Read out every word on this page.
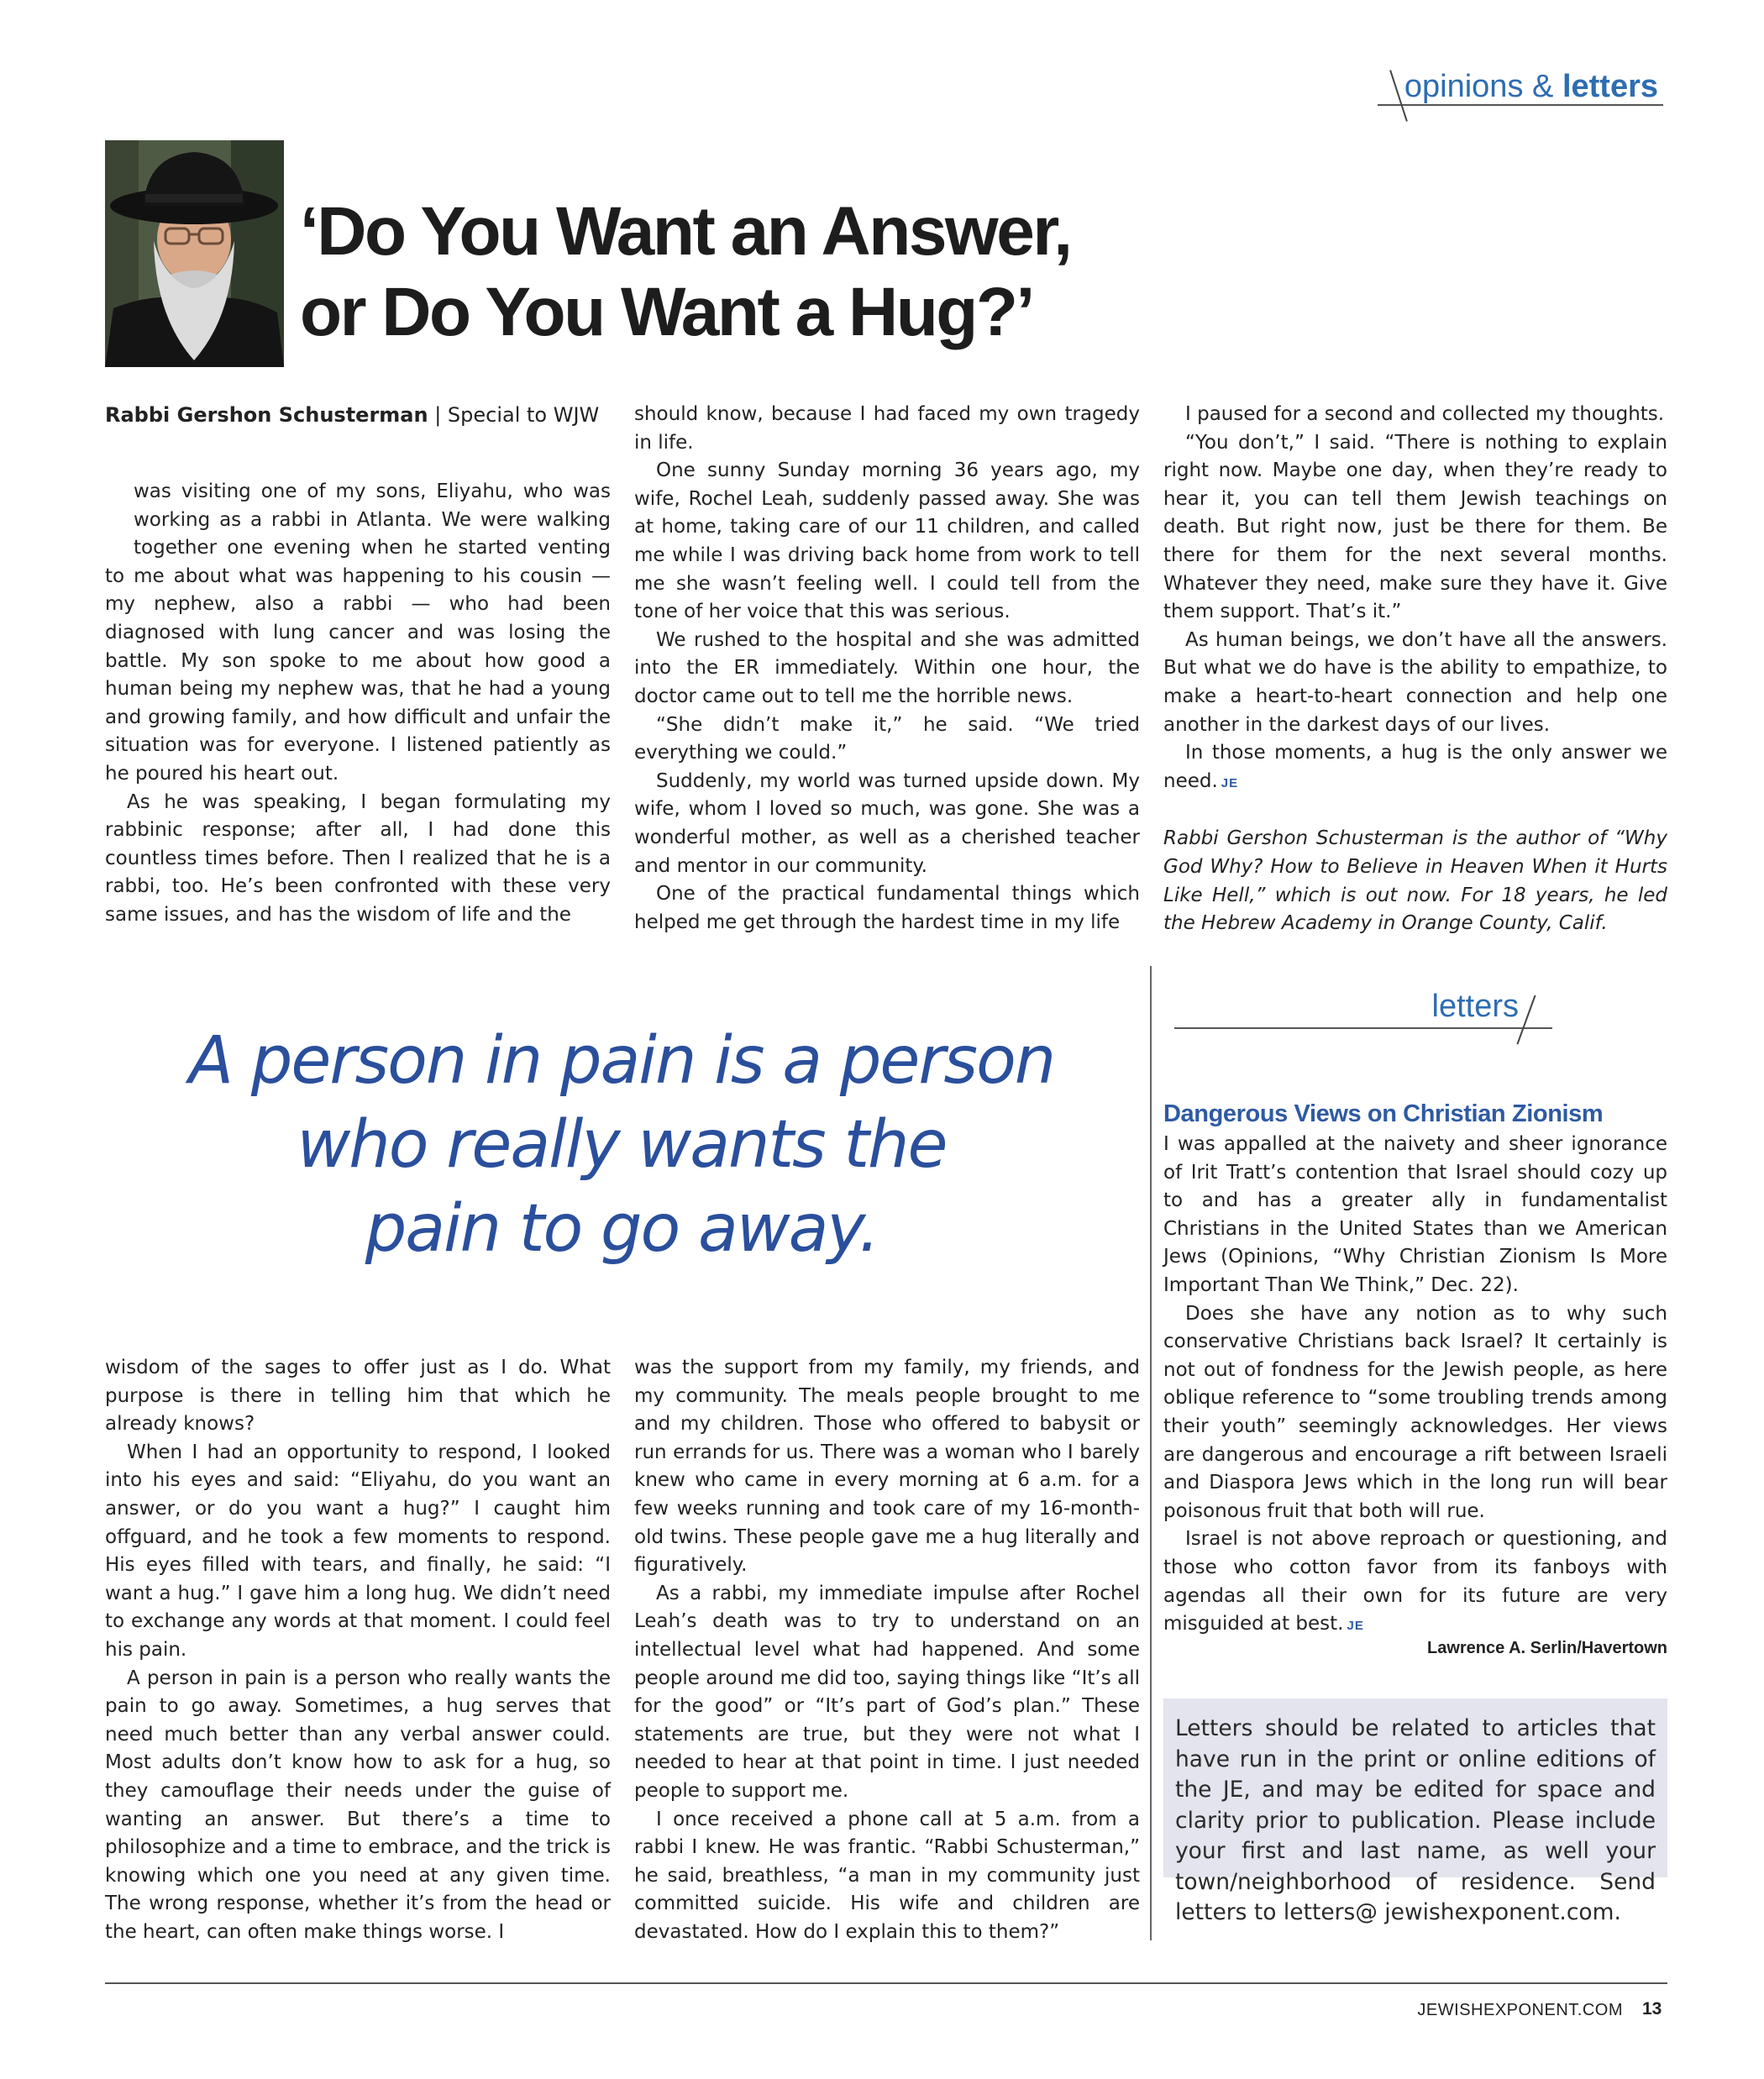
opinions & letters
‘Do You Want an Answer,
or Do You Want a Hug?’
Rabbi Gershon Schusterman | Special to WJW

was visiting one of my sons, Eliyahu, who was working as a rabbi in Atlanta. We were walking together one evening when he started venting to me about what was happening to his cousin — my nephew, also a rabbi — who had been diagnosed with lung cancer and was losing the battle. My son spoke to me about how good a human being my nephew was, that he had a young and growing family, and how difficult and unfair the situation was for everyone. I listened patiently as he poured his heart out.

As he was speaking, I began formulating my rabbinic response; after all, I had done this countless times before. Then I realized that he is a rabbi, too. He’s been confronted with these very same issues, and has the wisdom of life and the

should know, because I had faced my own tragedy in life.

One sunny Sunday morning 36 years ago, my wife, Rochel Leah, suddenly passed away. She was at home, taking care of our 11 children, and called me while I was driving back home from work to tell me she wasn’t feeling well. I could tell from the tone of her voice that this was serious.

We rushed to the hospital and she was admitted into the ER immediately. Within one hour, the doctor came out to tell me the horrible news.

“She didn’t make it,” he said. “We tried everything we could.”

Suddenly, my world was turned upside down. My wife, whom I loved so much, was gone. She was a wonderful mother, as well as a cherished teacher and mentor in our community.

One of the practical fundamental things which helped me get through the hardest time in my life

I paused for a second and collected my thoughts.

“You don’t,” I said. “There is nothing to explain right now. Maybe one day, when they’re ready to hear it, you can tell them Jewish teachings on death. But right now, just be there for them. Be there for them for the next several months. Whatever they need, make sure they have it. Give them support. That’s it.”

As human beings, we don’t have all the answers. But what we do have is the ability to empathize, to make a heart-to-heart connection and help one another in the darkest days of our lives.

In those moments, a hug is the only answer we need. JE

Rabbi Gershon Schusterman is the author of “Why God Why? How to Believe in Heaven When it Hurts Like Hell,” which is out now. For 18 years, he led the Hebrew Academy in Orange County, Calif.

A person in pain is a person
who really wants the
pain to go away.

wisdom of the sages to offer just as I do. What purpose is there in telling him that which he already knows?

When I had an opportunity to respond, I looked into his eyes and said: “Eliyahu, do you want an answer, or do you want a hug?” I caught him offguard, and he took a few moments to respond. His eyes filled with tears, and finally, he said: “I want a hug.” I gave him a long hug. We didn’t need to exchange any words at that moment. I could feel his pain.

A person in pain is a person who really wants the pain to go away. Sometimes, a hug serves that need much better than any verbal answer could. Most adults don’t know how to ask for a hug, so they camouflage their needs under the guise of wanting an answer. But there’s a time to philosophize and a time to embrace, and the trick is knowing which one you need at any given time. The wrong response, whether it’s from the head or the heart, can often make things worse. I

was the support from my family, my friends, and my community. The meals people brought to me and my children. Those who offered to babysit or run errands for us. There was a woman who I barely knew who came in every morning at 6 a.m. for a few weeks running and took care of my 16-month-old twins. These people gave me a hug literally and figuratively.

As a rabbi, my immediate impulse after Rochel Leah’s death was to try to understand on an intellectual level what had happened. And some people around me did too, saying things like “It’s all for the good” or “It’s part of God’s plan.” These statements are true, but they were not what I needed to hear at that point in time. I just needed people to support me.

I once received a phone call at 5 a.m. from a rabbi I knew. He was frantic. “Rabbi Schusterman,” he said, breathless, “a man in my community just committed suicide. His wife and children are devastated. How do I explain this to them?”

letters
Dangerous Views on Christian Zionism

I was appalled at the naivety and sheer ignorance of Irit Tratt’s contention that Israel should cozy up to and has a greater ally in fundamentalist Christians in the United States than we American Jews (Opinions, “Why Christian Zionism Is More Important Than We Think,” Dec. 22).

Does she have any notion as to why such conservative Christians back Israel? It certainly is not out of fondness for the Jewish people, as here oblique reference to “some troubling trends among their youth” seemingly acknowledges. Her views are dangerous and encourage a rift between Israeli and Diaspora Jews which in the long run will bear poisonous fruit that both will rue.

Israel is not above reproach or questioning, and those who cotton favor from its fanboys with agendas all their own for its future are very misguided at best. JE

Lawrence A. Serlin/Havertown
Letters should be related to articles that have run in the print or online editions of the JE, and may be edited for space and clarity prior to publication. Please include your first and last name, as well your town/neighborhood of residence. Send letters to letters@ jewishexponent.com.
JEWISHEXPONENT.COM 13
